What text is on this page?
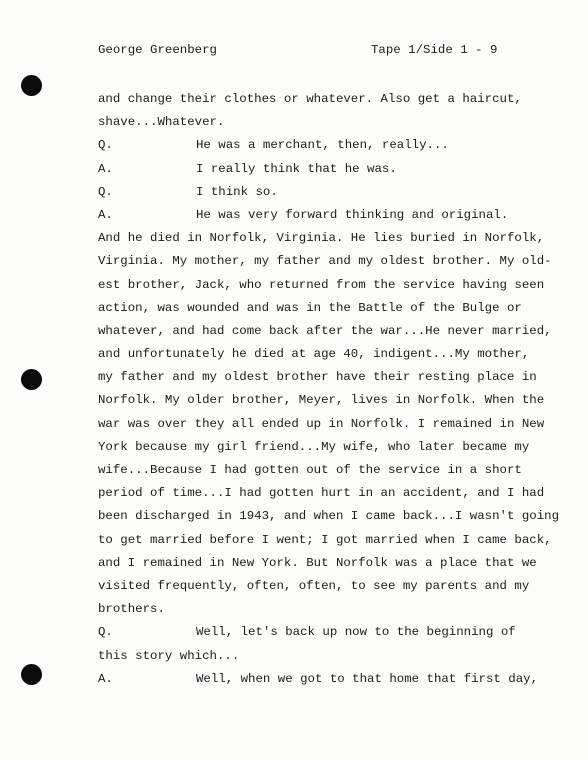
George Greenberg	Tape 1/Side 1 - 9
and change their clothes or whatever. Also get a haircut,
shave...Whatever.
Q.	He was a merchant, then, really...
A.	I really think that he was.
Q.	I think so.
A.	He was very forward thinking and original.
And he died in Norfolk, Virginia. He lies buried in Norfolk,
Virginia. My mother, my father and my oldest brother. My old-
est brother, Jack, who returned from the service having seen
action, was wounded and was in the Battle of the Bulge or
whatever, and had come back after the war...He never married,
and unfortunately he died at age 40, indigent...My mother,
my father and my oldest brother have their resting place in
Norfolk. My older brother, Meyer, lives in Norfolk. When the
war was over they all ended up in Norfolk. I remained in New
York because my girl friend...My wife, who later became my
wife...Because I had gotten out of the service in a short
period of time...I had gotten hurt in an accident, and I had
been discharged in 1943, and when I came back...I wasn't going
to get married before I went; I got married when I came back,
and I remained in New York. But Norfolk was a place that we
visited frequently, often, often, to see my parents and my
brothers.
Q.	Well, let's back up now to the beginning of
this story which...
A.	Well, when we got to that home that first day,
